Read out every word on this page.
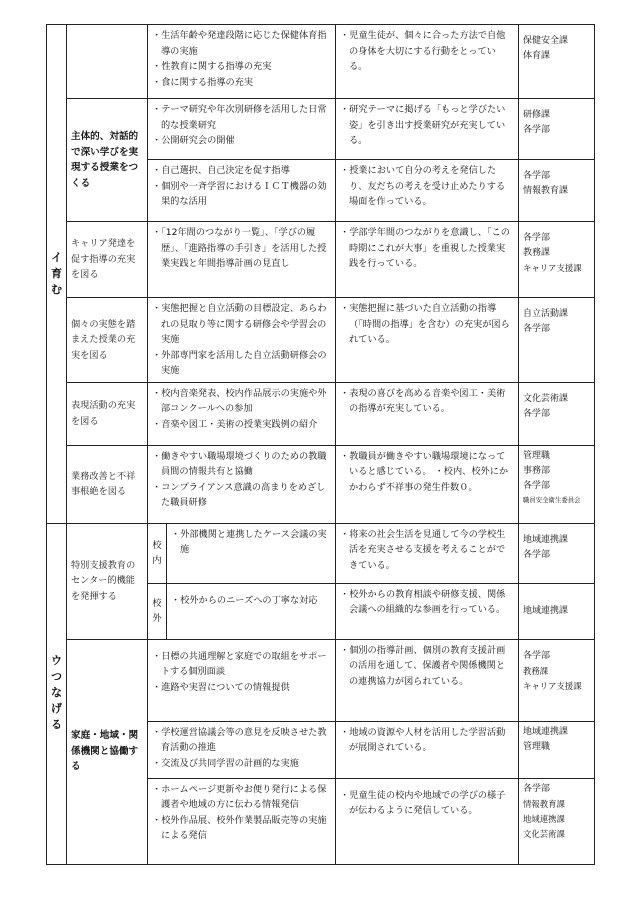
イ 育む		・ 生活年齢や発達段階に応じた保健体育指導の実施
・ 性教育に関する指導の充実
・ 食に関する指導の充実		・ 児童生徒が、個々に合った方法で自他の身体を大切にする行動をとっている。	保健安全課
体育課

	主体的、対話的で深い学びを実現する授業をつくる	・ テーマ研究や年次別研修を活用した日常的な授業研究
・ 公開研究会の開催		・ 研究テーマに掲げる「もっと学びたい姿」を引き出す授業研究が充実している。	研修課
各学部

		・ 自己選択、自己決定を促す指導
・ 個別や一斉学習におけるＩＣＴ機器の効果的な活用		・ 授業において自分の考えを発信したり、友だちの考えを受け止めたりする場面を作っている。	各学部
情報教育課

	キャリア発達を促す指導の充実を図る	・ 「12年間のつながり一覧」、「学びの履歴」、「進路指導の手引き」を活用した授業実践と年間指導計画の見直し		・ 学部学年間のつながりを意識し、「この時期にこれが大事」を重視した授業実践を行っている。	各学部
教務課
キャリア支援課

	個々の実態を踏まえた授業の充実を図る	・ 実態把握と自立活動の目標設定、あらわれの見取り等に関する研修会や学習会の実施
・ 外部専門家を活用した自立活動研修会の実施		・ 実態把握に基づいた自立活動の指導（「時間の指導」を含む）の充実が図られている。	自立活動課
各学部

	表現活動の充実を図る	・ 校内音楽発表、校内作品展示の実施や外部コンクールへの参加
・ 音楽や図工・美術の授業実践例の紹介		・ 表現の喜びを高める音楽や図工・美術の指導が充実している。	文化芸術課
各学部

	業務改善と不祥事根絶を図る	・ 働きやすい職場環境づくりのための教職員間の情報共有と協働
・ コンプライアンス意識の高まりをめざした職員研修		・ 教職員が働きやすい職場環境になっていると感じている。 ・校内、校外にかかわらず不祥事の発生件数０。	管理職
事務部
各学部
職員安全衛生委員会

ウ つなげる	特別支援教育のセンター的機能を発揮する	校内	・ 外部機関と連携したケース会議の実施	・ 将来の社会生活を見通して今の学校生活を充実させる支援を考えることができている。	地域連携課
各学部

		校外	・ 校外からのニーズへの丁寧な対応	・ 校外からの教育相談や研修支援、関係会議への組織的な参画を行っている。	地域連携課

	家庭・地域・関係機関と協働する	・ 日標の共通理解と家庭での取組をサポートする個別面談
・ 進路や実習についての情報提供		・ 個別の指導計画、個別の教育支援計画の活用を通して、保護者や関係機関との連携協力が図られている。	各学部
教務課
キャリア支援課

		・ 学校運営協議会等の意見を反映させた教育活動の推進
・ 交流及び共同学習の計画的な実施		・ 地域の資源や人材を活用した学習活動が展開されている。	地域連携課
管理職

		・ ホームページ更新やお便り発行による保護者や地域の方に伝わる情報発信
・ 校外作品展、校外作業製品販売等の実施による発信		・ 児童生徒の校内や地域での学びの様子が伝わるように発信している。	各学部
情報教育課
地域連携課
文化芸術課
